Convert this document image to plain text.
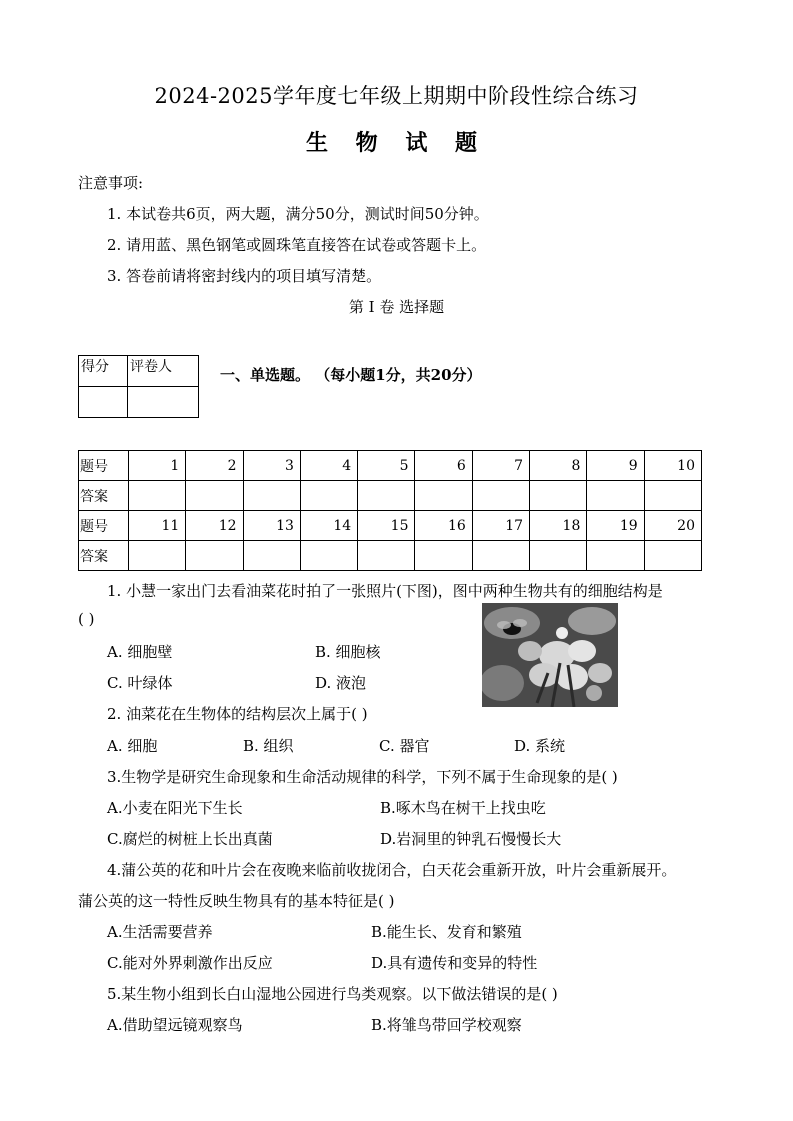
2024-2025学年度七年级上期期中阶段性综合练习
生 物 试 题
注意事项:
1. 本试卷共6页，两大题，满分50分，测试时间50分钟。
2. 请用蓝、黑色钢笔或圆珠笔直接答在试卷或答题卡上。
3. 答卷前请将密封线内的项目填写清楚。
第 I 卷 选择题
得分	评卷人
		一、单选题。 （每小题1分，共20分）
题号	1	2	3	4	5	6	7	8	9	10
答案										
题号	11	12	13	14	15	16	17	18	19	20
答案										
1. 小慧一家出门去看油菜花时拍了一张照片(下图)，图中两种生物共有的细胞结构是
( )
A. 细胞壁	B. 细胞核
C. 叶绿体	D. 液泡
2. 油菜花在生物体的结构层次上属于( )
A. 细胞	B. 组织	C. 器官	D. 系统
3.生物学是研究生命现象和生命活动规律的科学，下列不属于生命现象的是( )
A.小麦在阳光下生长	B.啄木鸟在树干上找虫吃
C.腐烂的树桩上长出真菌	D.岩洞里的钟乳石慢慢长大
4.蒲公英的花和叶片会在夜晚来临前收拢闭合，白天花会重新开放，叶片会重新展开。
蒲公英的这一特性反映生物具有的基本特征是( )
A.生活需要营养	B.能生长、发育和繁殖
C.能对外界刺激作出反应	D.具有遗传和变异的特性
5.某生物小组到长白山湿地公园进行鸟类观察。以下做法错误的是( )
A.借助望远镜观察鸟	B.将雏鸟带回学校观察
